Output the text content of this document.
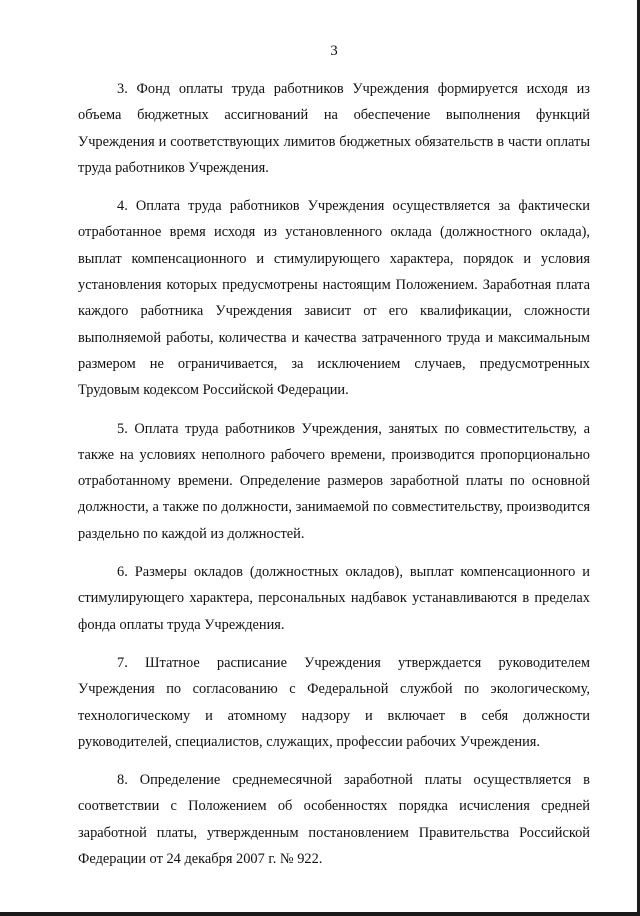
3

3. Фонд оплаты труда работников Учреждения формируется исходя из объема бюджетных ассигнований на обеспечение выполнения функций Учреждения и соответствующих лимитов бюджетных обязательств в части оплаты труда работников Учреждения.

4. Оплата труда работников Учреждения осуществляется за фактически отработанное время исходя из установленного оклада (должностного оклада), выплат компенсационного и стимулирующего характера, порядок и условия установления которых предусмотрены настоящим Положением. Заработная плата каждого работника Учреждения зависит от его квалификации, сложности выполняемой работы, количества и качества затраченного труда и максимальным размером не ограничивается, за исключением случаев, предусмотренных Трудовым кодексом Российской Федерации.

5. Оплата труда работников Учреждения, занятых по совместительству, а также на условиях неполного рабочего времени, производится пропорционально отработанному времени. Определение размеров заработной платы по основной должности, а также по должности, занимаемой по совместительству, производится раздельно по каждой из должностей.

6. Размеры окладов (должностных окладов), выплат компенсационного и стимулирующего характера, персональных надбавок устанавливаются в пределах фонда оплаты труда Учреждения.

7. Штатное расписание Учреждения утверждается руководителем Учреждения по согласованию с Федеральной службой по экологическому, технологическому и атомному надзору и включает в себя должности руководителей, специалистов, служащих, профессии рабочих Учреждения.

8. Определение среднемесячной заработной платы осуществляется в соответствии с Положением об особенностях порядка исчисления средней заработной платы, утвержденным постановлением Правительства Российской Федерации от 24 декабря 2007 г. № 922.
